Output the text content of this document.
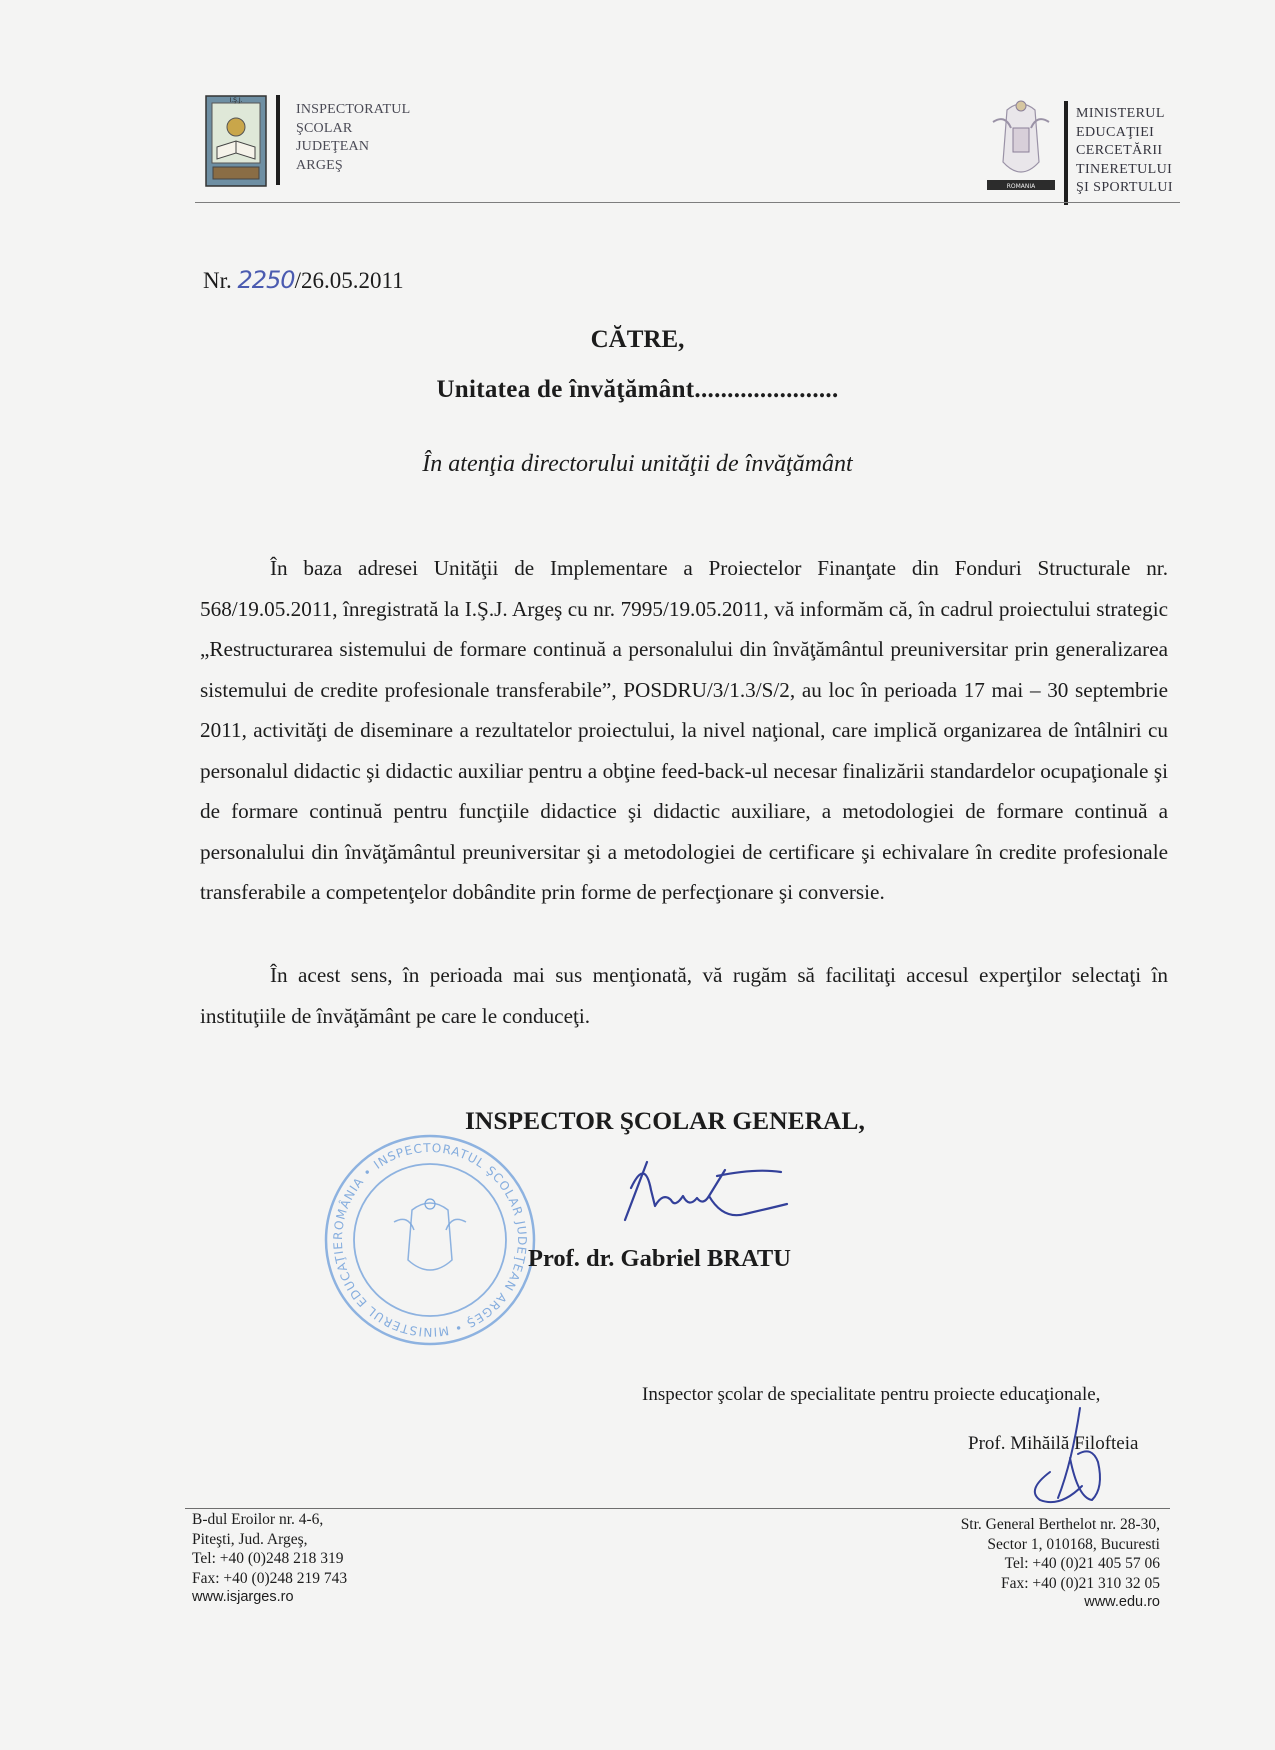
I.Ş.J.
INSPECTORATUL
ŞCOLAR
JUDEŢEAN
ARGEŞ
ROMANIA
MINISTERUL
EDUCAŢIEI
CERCETĂRII
TINERETULUI
ŞI SPORTULUI
Nr. 2250/26.05.2011
CĂTRE,
Unitatea de învăţământ......................
În atenţia directorului unităţii de învăţământ
În baza adresei Unităţii de Implementare a Proiectelor Finanţate din Fonduri Structurale nr. 568/19.05.2011, înregistrată la I.Ş.J. Argeş cu nr. 7995/19.05.2011, vă informăm că, în cadrul proiectului strategic „Restructurarea sistemului de formare continuă a personalului din învăţământul preuniversitar prin generalizarea sistemului de credite profesionale transferabile”, POSDRU/3/1.3/S/2, au loc în perioada 17 mai – 30 septembrie 2011, activităţi de diseminare a rezultatelor proiectului, la nivel naţional, care implică organizarea de întâlniri cu personalul didactic şi didactic auxiliar pentru a obţine feed-back-ul necesar finalizării standardelor ocupaţionale şi de formare continuă pentru funcţiile didactice şi didactic auxiliare, a metodologiei de formare continuă a personalului din învăţământul preuniversitar şi a metodologiei de certificare şi echivalare în credite profesionale transferabile a competenţelor dobândite prin forme de perfecţionare şi conversie.
În acest sens, în perioada mai sus menţionată, vă rugăm să facilitaţi accesul experţilor selectaţi în instituţiile de învăţământ pe care le conduceţi.
ROMÂNIA • INSPECTORATUL ŞCOLAR JUDEŢEAN ARGEŞ • MINISTERUL EDUCAŢIE
INSPECTOR ŞCOLAR GENERAL,
Prof. dr. Gabriel BRATU
Inspector şcolar de specialitate pentru proiecte educaţionale,
Prof. Mihăilă Filofteia
B-dul Eroilor nr. 4-6,
Piteşti, Jud. Argeş,
Tel: +40 (0)248 218 319
Fax: +40 (0)248 219 743
www.isjarges.ro
Str. General Berthelot nr. 28-30,
Sector 1, 010168, Bucuresti
Tel: +40 (0)21 405 57 06
Fax: +40 (0)21 310 32 05
www.edu.ro
